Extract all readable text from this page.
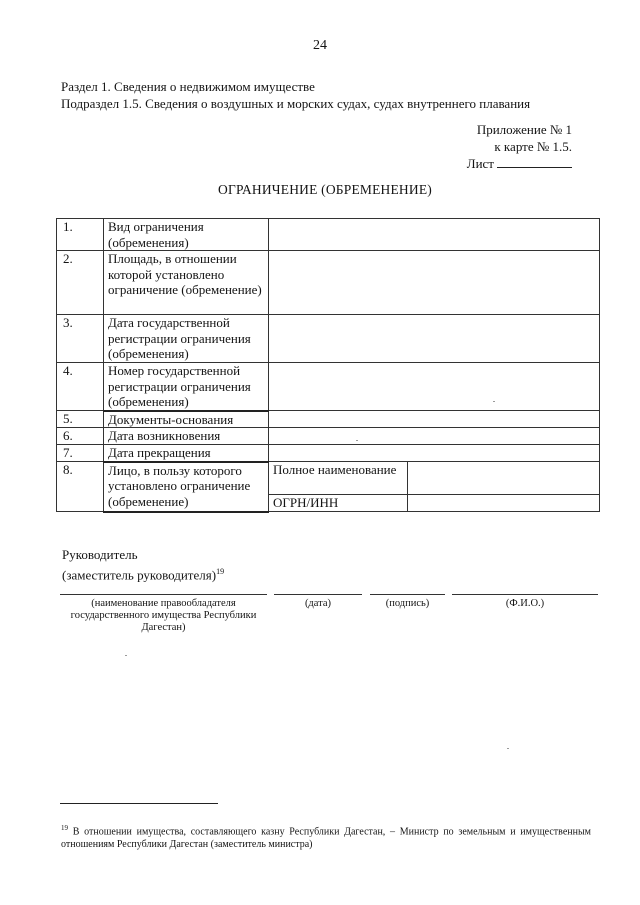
24
Раздел 1. Сведения о недвижимом имуществе
Подраздел 1.5. Сведения о воздушных и морских судах, судах внутреннего плавания
Приложение № 1
к карте № 1.5.
Лист
ОГРАНИЧЕНИЕ (ОБРЕМЕНЕНИЕ)
1.	Вид ограничения (обременения)		
2.	Площадь, в отношении которой установлено ограничение (обременение)		
3.	Дата государственной регистрации ограничения (обременения)		
4.	Номер государственной регистрации ограничения (обременения)		
5.	Документы-основания		
6.	Дата возникновения		
7.	Дата прекращения		
8.	Лицо, в пользу которого установлено ограничение (обременение)	Полное наименование	
		ОГРН/ИНН	
Руководитель
(заместитель руководителя)$^{19}$
(наименование правообладателя государственного имущества Республики Дагестан)
(дата)	(подпись)	(Ф.И.О.)
$^{19}$ В отношении имущества, составляющего казну Республики Дагестан, – Министр по земельным и имущественным отношениям Республики Дагестан (заместитель министра)
